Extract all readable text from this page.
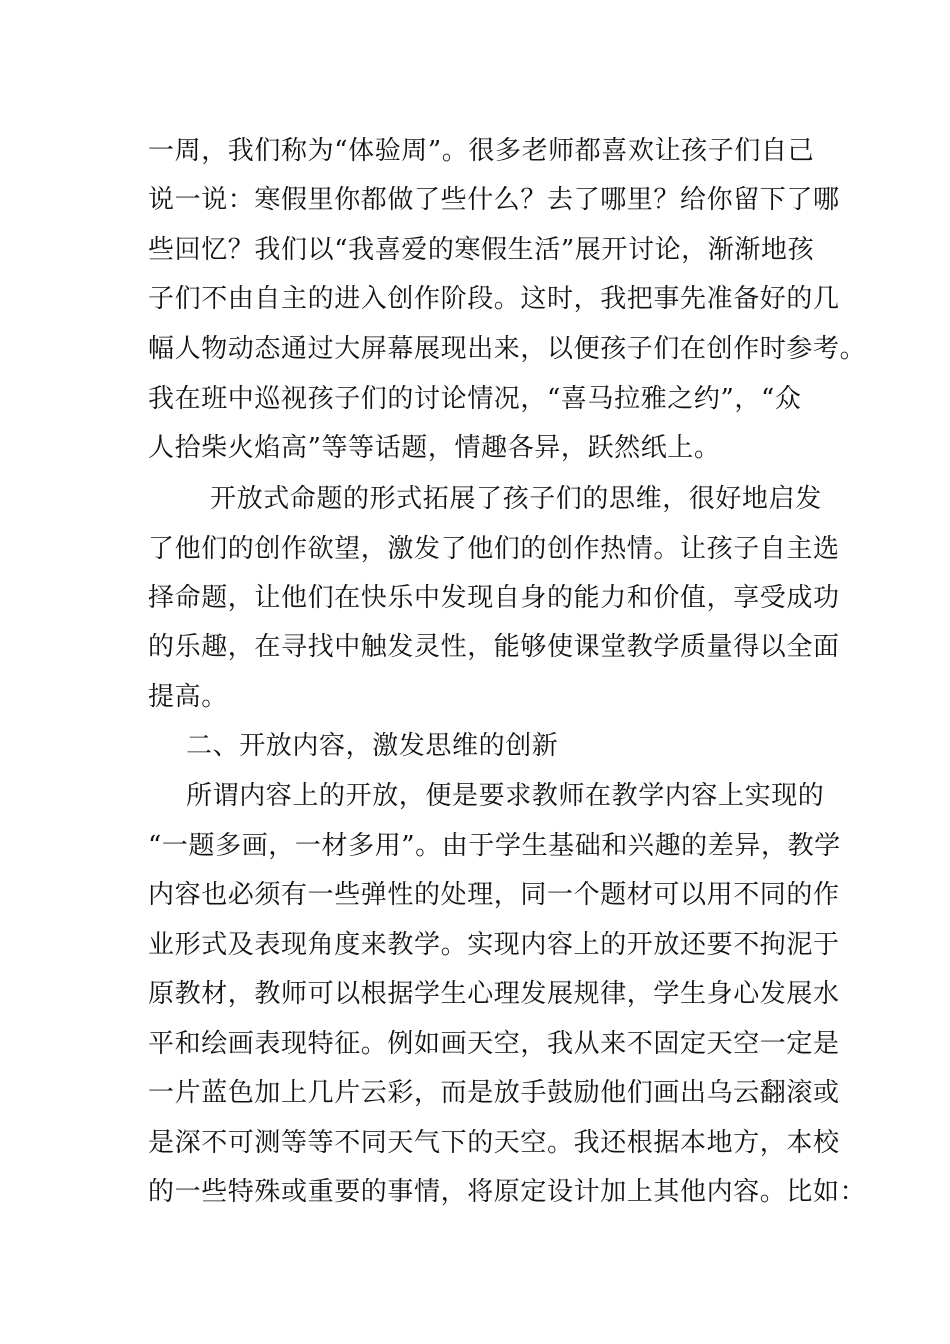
一周，我们称为“体验周”。很多老师都喜欢让孩子们自己
说一说：寒假里你都做了些什么？去了哪里？给你留下了哪
些回忆？我们以“我喜爱的寒假生活”展开讨论，渐渐地孩
子们不由自主的进入创作阶段。这时，我把事先准备好的几
幅人物动态通过大屏幕展现出来，以便孩子们在创作时参考。
我在班中巡视孩子们的讨论情况，“喜马拉雅之约”，“众
人拾柴火焰高”等等话题，情趣各异，跃然纸上。
开放式命题的形式拓展了孩子们的思维，很好地启发
了他们的创作欲望，激发了他们的创作热情。让孩子自主选
择命题，让他们在快乐中发现自身的能力和价值，享受成功
的乐趣，在寻找中触发灵性，能够使课堂教学质量得以全面
提高。
二、开放内容，激发思维的创新
所谓内容上的开放，便是要求教师在教学内容上实现的
“一题多画，一材多用”。由于学生基础和兴趣的差异，教学
内容也必须有一些弹性的处理，同一个题材可以用不同的作
业形式及表现角度来教学。实现内容上的开放还要不拘泥于
原教材，教师可以根据学生心理发展规律，学生身心发展水
平和绘画表现特征。例如画天空，我从来不固定天空一定是
一片蓝色加上几片云彩，而是放手鼓励他们画出乌云翻滚或
是深不可测等等不同天气下的天空。我还根据本地方，本校
的一些特殊或重要的事情，将原定设计加上其他内容。比如：
